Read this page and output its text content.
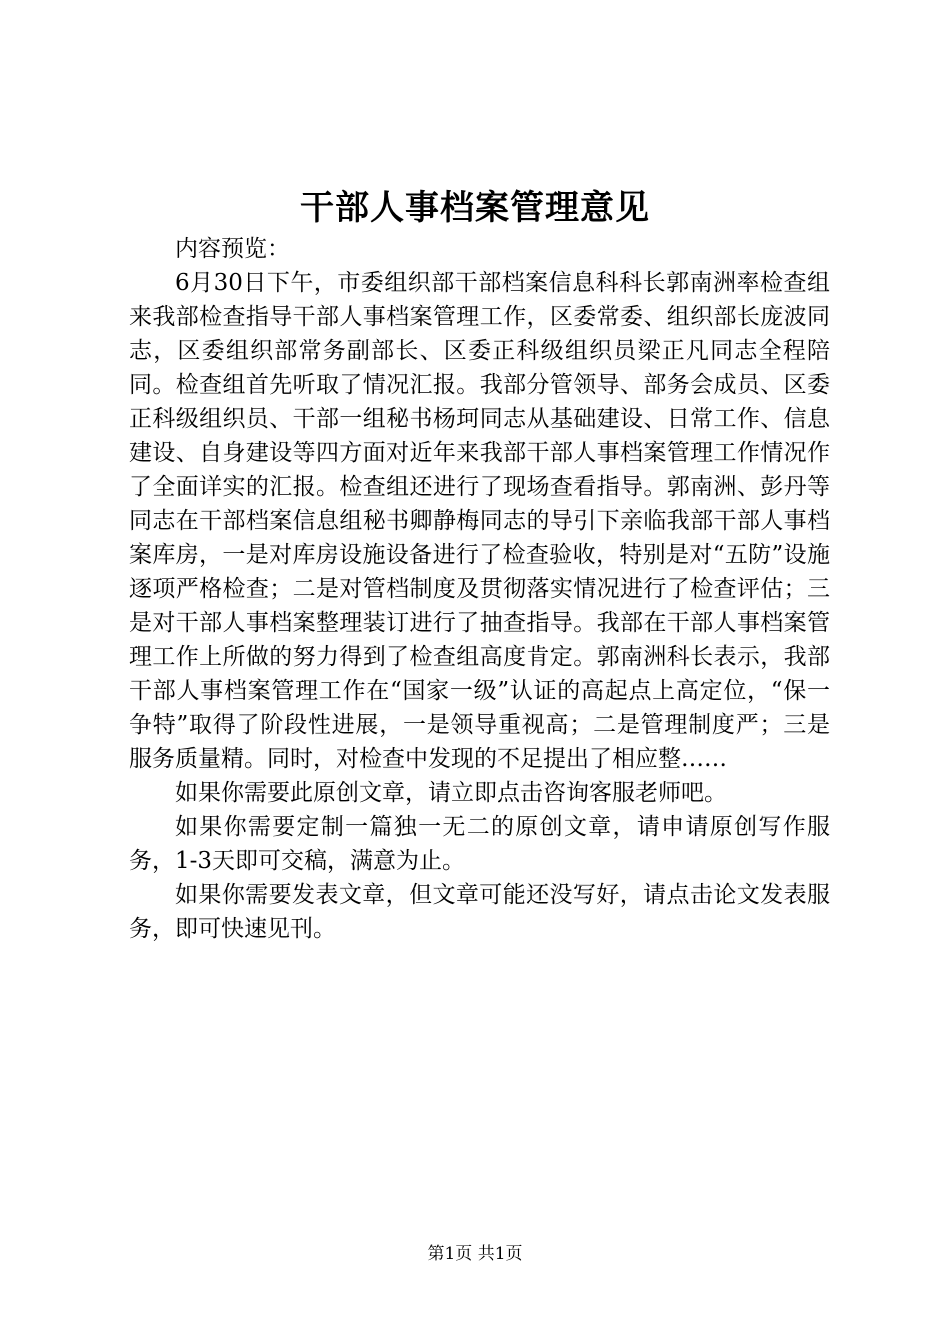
干部人事档案管理意见

内容预览：

6月30日下午，市委组织部干部档案信息科科长郭南洲率检查组来我部检查指导干部人事档案管理工作，区委常委、组织部长庞波同志，区委组织部常务副部长、区委正科级组织员梁正凡同志全程陪同。检查组首先听取了情况汇报。我部分管领导、部务会成员、区委正科级组织员、干部一组秘书杨珂同志从基础建设、日常工作、信息建设、自身建设等四方面对近年来我部干部人事档案管理工作情况作了全面详实的汇报。检查组还进行了现场查看指导。郭南洲、彭丹等同志在干部档案信息组秘书卿静梅同志的导引下亲临我部干部人事档案库房，一是对库房设施设备进行了检查验收，特别是对“五防”设施逐项严格检查；二是对管档制度及贯彻落实情况进行了检查评估；三是对干部人事档案整理装订进行了抽查指导。我部在干部人事档案管理工作上所做的努力得到了检查组高度肯定。郭南洲科长表示，我部干部人事档案管理工作在“国家一级”认证的高起点上高定位，“保一争特”取得了阶段性进展，一是领导重视高；二是管理制度严；三是服务质量精。同时，对检查中发现的不足提出了相应整……

如果你需要此原创文章，请立即点击咨询客服老师吧。

如果你需要定制一篇独一无二的原创文章，请申请原创写作服务，1-3天即可交稿，满意为止。

如果你需要发表文章，但文章可能还没写好，请点击论文发表服务，即可快速见刊。

第1页 共1页
